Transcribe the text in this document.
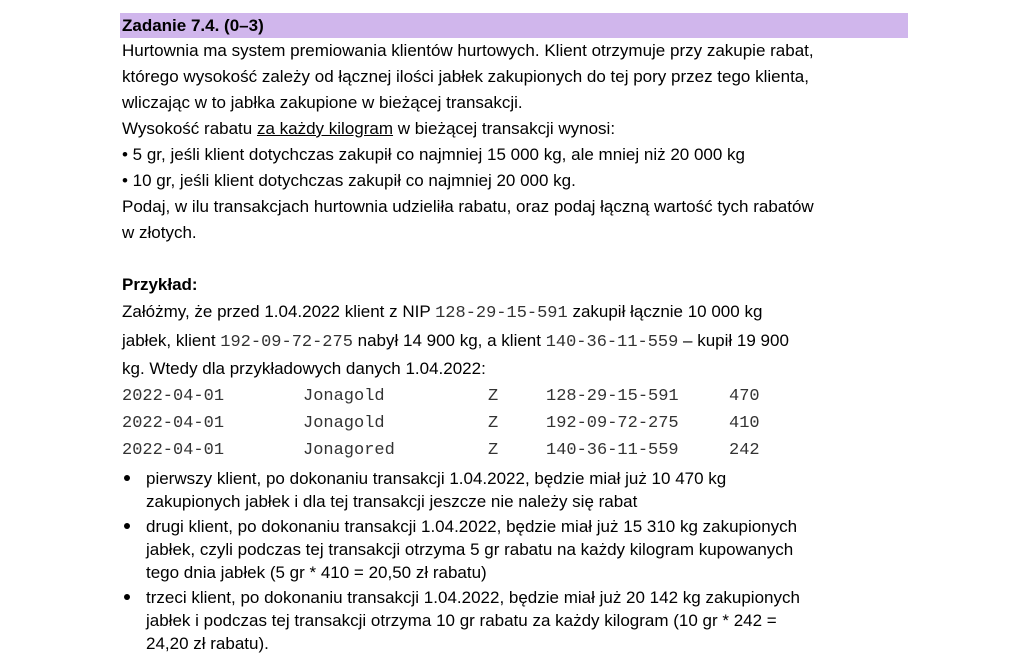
Zadanie 7.4. (0–3)
Hurtownia ma system premiowania klientów hurtowych. Klient otrzymuje przy zakupie rabat,
którego wysokość zależy od łącznej ilości jabłek zakupionych do tej pory przez tego klienta,
wliczając w to jabłka zakupione w bieżącej transakcji.
Wysokość rabatu za każdy kilogram w bieżącej transakcji wynosi:
• 5 gr, jeśli klient dotychczas zakupił co najmniej 15 000 kg, ale mniej niż 20 000 kg
• 10 gr, jeśli klient dotychczas zakupił co najmniej 20 000 kg.
Podaj, w ilu transakcjach hurtownia udzieliła rabatu, oraz podaj łączną wartość tych rabatów
w złotych.
Przykład:
Załóżmy, że przed 1.04.2022 klient z NIP 128-29-15-591 zakupił łącznie 10 000 kg
jabłek, klient 192-09-72-275 nabył 14 900 kg, a klient 140-36-11-559 – kupił 19 900
kg. Wtedy dla przykładowych danych 1.04.2022:
2022-04-01	Jonagold	Z	128-29-15-591	470
2022-04-01	Jonagold	Z	192-09-72-275	410
2022-04-01	Jonagored	Z	140-36-11-559	242
pierwszy klient, po dokonaniu transakcji 1.04.2022, będzie miał już 10 470 kg
zakupionych jabłek i dla tej transakcji jeszcze nie należy się rabat
drugi klient, po dokonaniu transakcji 1.04.2022, będzie miał już 15 310 kg zakupionych
jabłek, czyli podczas tej transakcji otrzyma 5 gr rabatu na każdy kilogram kupowanych
tego dnia jabłek (5 gr * 410 = 20,50 zł rabatu)
trzeci klient, po dokonaniu transakcji 1.04.2022, będzie miał już 20 142 kg zakupionych
jabłek i podczas tej transakcji otrzyma 10 gr rabatu za każdy kilogram (10 gr * 242 =
24,20 zł rabatu).
